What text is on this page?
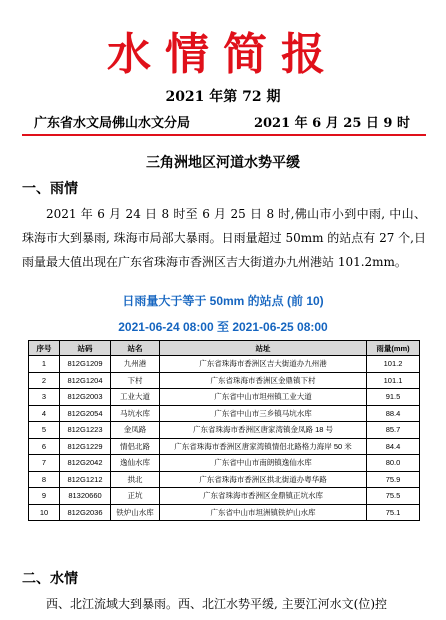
水情简报
2021 年第 72 期
广东省水文局佛山水文分局	2021 年 6 月 25 日 9 时
三角洲地区河道水势平缓
一、雨情
2021 年 6 月 24 日 8 时至 6 月 25 日 8 时,佛山市小到中雨, 中山、珠海市大到暴雨, 珠海市局部大暴雨。日雨量超过 50mm 的站点有 27 个,日雨量最大值出现在广东省珠海市香洲区吉大街道办九州港站 101.2mm。
日雨量大于等于 50mm 的站点 (前 10)
2021-06-24 08:00 至 2021-06-25 08:00
序号	站码	站名	站址	雨量(mm)
1	812G1209	九州港	广东省珠海市香洲区吉大街道办九州港	101.2
2	812G1204	下村	广东省珠海市香洲区金鼎镇下村	101.1
3	812G2003	工业大道	广东省中山市坦州镇工业大道	91.5
4	812G2054	马坑水库	广东省中山市三乡镇马坑水库	88.4
5	812G1223	金凤路	广东省珠海市香洲区唐家湾镇金凤路 18 号	85.7
6	812G1229	情侣北路	广东省珠海市香洲区唐家湾镇情侣北路格力海岸 50 米	84.4
7	812G2042	逸仙水库	广东省中山市南朗镇逸仙水库	80.0
8	812G1212	拱北	广东省珠海市香洲区拱北街道办粤华路	75.9
9	81320660	正坑	广东省珠海市香洲区金鼎镇正坑水库	75.5
10	812G2036	铁炉山水库	广东省中山市坦洲镇铁炉山水库	75.1
二、水情
西、北江流域大到暴雨。西、北江水势平缓, 主要江河水文(位)控
